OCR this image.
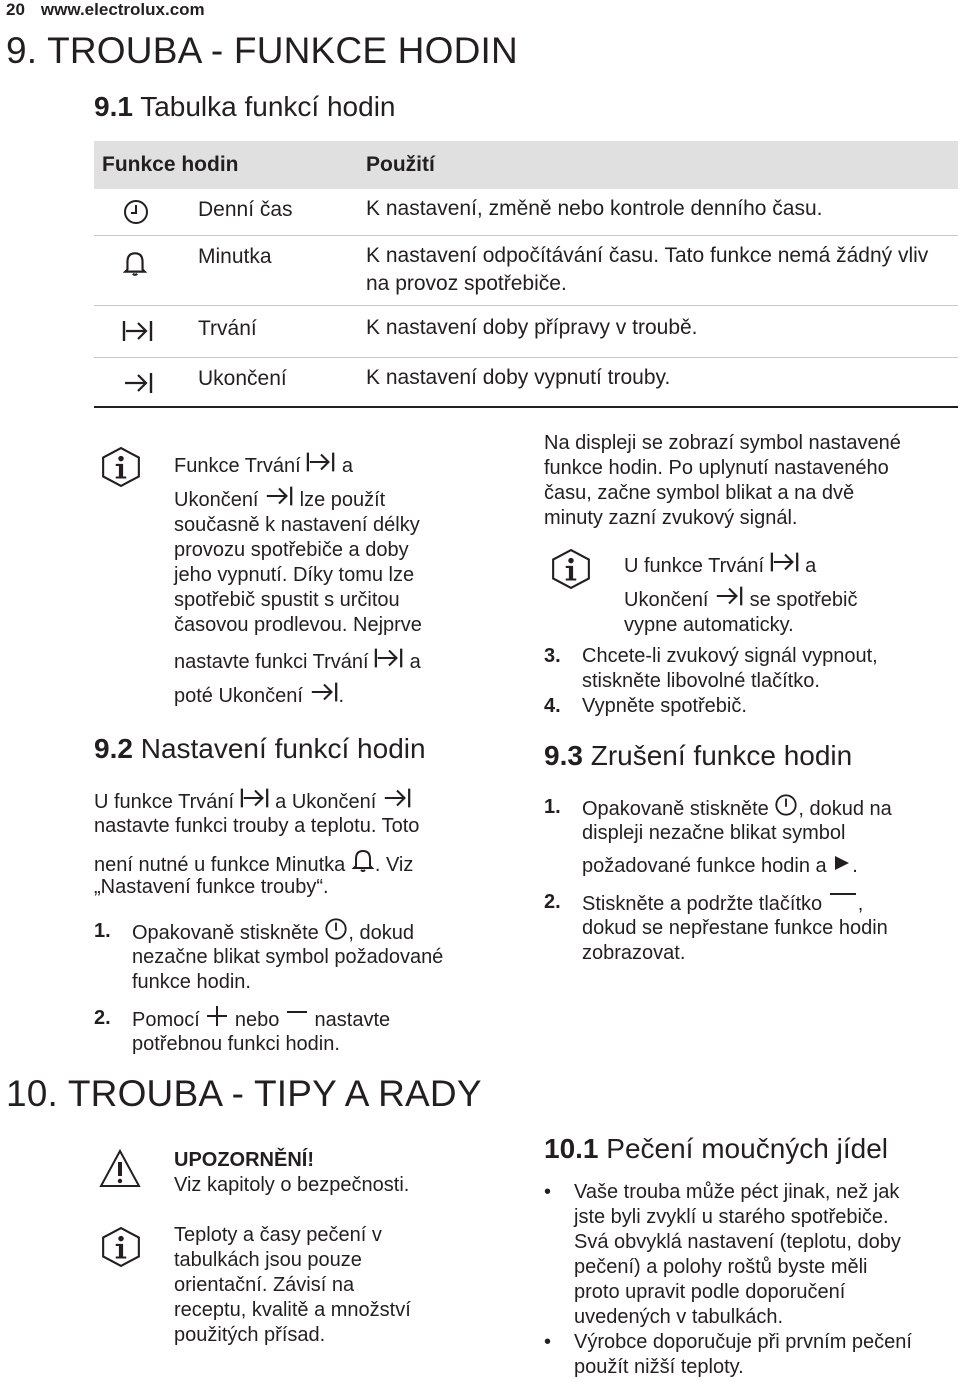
20 www.electrolux.com
9. TROUBA - FUNKCE HODIN
9.1 Tabulka funkcí hodin
Funkce hodin	Použití
Denní čas	K nastavení, změně nebo kontrole denního času.
Minutka	K nastavení odpočítávání času. Tato funkce nemá žádný vliv na provoz spotřebiče.
Trvání	K nastavení doby přípravy v troubě.
Ukončení	K nastavení doby vypnutí trouby.
Funkce Trvání  a
Ukončení  lze použít
současně k nastavení délky
provozu spotřebiče a doby
jeho vypnutí. Díky tomu lze
spotřebič spustit s určitou
časovou prodlevou. Nejprve
nastavte funkci Trvání  a
poté Ukončení .
9.2 Nastavení funkcí hodin
U funkce Trvání  a Ukončení
nastavte funkci trouby a teplotu. Toto
není nutné u funkce Minutka . Viz
„Nastavení funkce trouby“.
1. Opakovaně stiskněte , dokud
nezačne blikat symbol požadované
funkce hodin.
2. Pomocí  nebo  nastavte
potřebnou funkci hodin.
Na displeji se zobrazí symbol nastavené
funkce hodin. Po uplynutí nastaveného
času, začne symbol blikat a na dvě
minuty zazní zvukový signál.
U funkce Trvání  a
Ukončení  se spotřebič
vypne automaticky.
3. Chcete-li zvukový signál vypnout,
stiskněte libovolné tlačítko.
4. Vypněte spotřebič.
9.3 Zrušení funkce hodin
1. Opakovaně stiskněte , dokud na
displeji nezačne blikat symbol
požadované funkce hodin a .
2. Stiskněte a podržte tlačítko ,
dokud se nepřestane funkce hodin
zobrazovat.
10. TROUBA - TIPY A RADY
UPOZORNĚNÍ!
Viz kapitoly o bezpečnosti.
Teploty a časy pečení v
tabulkách jsou pouze
orientační. Závisí na
receptu, kvalitě a množství
použitých přísad.
10.1 Pečení moučných jídel
• Vaše trouba může péct jinak, než jak
jste byli zvyklí u starého spotřebiče.
Svá obvyklá nastavení (teplotu, doby
pečení) a polohy roštů byste měli
proto upravit podle doporučení
uvedených v tabulkách.
• Výrobce doporučuje při prvním pečení
použít nižší teploty.
